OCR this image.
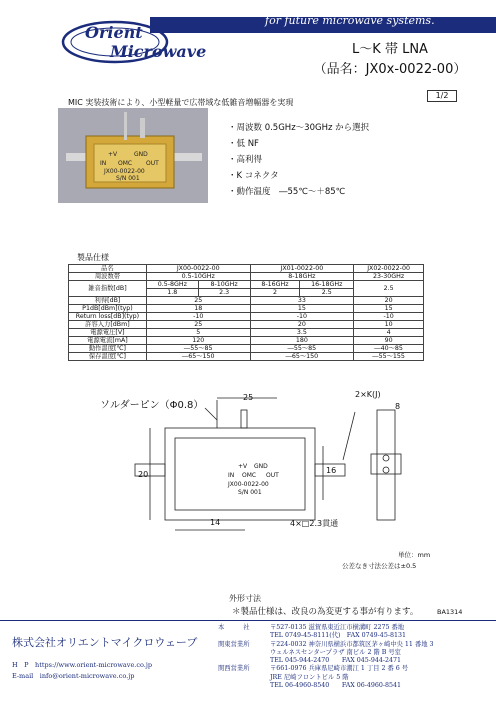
for future microwave systems.
Orient
Microwave	L～K 帯 LNA
（品名：JX0x-0022-00）
1/2
MIC 実装技術により、小型軽量で広帯域な低雑音増幅器を実現
+V	GND
IN OMC OUT
JX00-0022-00
S/N 001
・周波数 0.5GHz～30GHz から選択
・低 NF
・高利得
・K コネクタ
・動作温度　―55℃～＋85℃
製品仕様
品名	JX00-0022-00		JX01-0022-00		JX02-0022-00
周波数帯	0.5-10GHz		8-18GHz		23-30GHz
雑音指数[dB]	0.5-8GHz	8-10GHz	8-16GHz	16-18GHz	2.5
	1.8	2.3	2	2.5	
利得[dB]	25		33		20
P1dB[dBm](typ)	18		15		15
Return loss[dB](typ)	-10		-10		-10
許容入力[dBm]	25		20		10
電源電圧[V]	5		3.5		4
電源電流[mA]	120		180		90
動作温度[℃]	―55～85		―55～85		―40～85
保存温度[℃]	―65～150		―65～150		―55～155
ソルダーピン（Φ0.8）
25	2×K(J)
8
20	16
14	4×□2.3貫通
+V GND
IN OMC OUT
JX00-0022-00
S/N 001
単位：mm
公差なき寸法公差は±0.5
外形寸法
＊製品仕様は、改良の為変更する事が有ります。	BA1314
株式会社オリエントマイクロウェーブ
H　P　https://www.orient-microwave.co.jp
E-mail　info@orient-microwave.co.jp
本　　　社	〒527-0135 滋賀県東近江市横溝町 2275 番地
TEL 0749-45-8111(代)　FAX 0749-45-8131
関東営業所	〒224-0032 神奈川県横浜市都筑区茅ヶ崎中央 11 番地 3
ウェルネスセンタープラザ 南ビル 2 階 B 号室
TEL 045-944-2470　　FAX 045-944-2471
関西営業所	〒661-0976 兵庫県尼崎市潮江 1 丁目 2 番 6 号
JRE 尼崎フロントビル 5 階
TEL 06-4960-8540　　FAX 06-4960-8541
